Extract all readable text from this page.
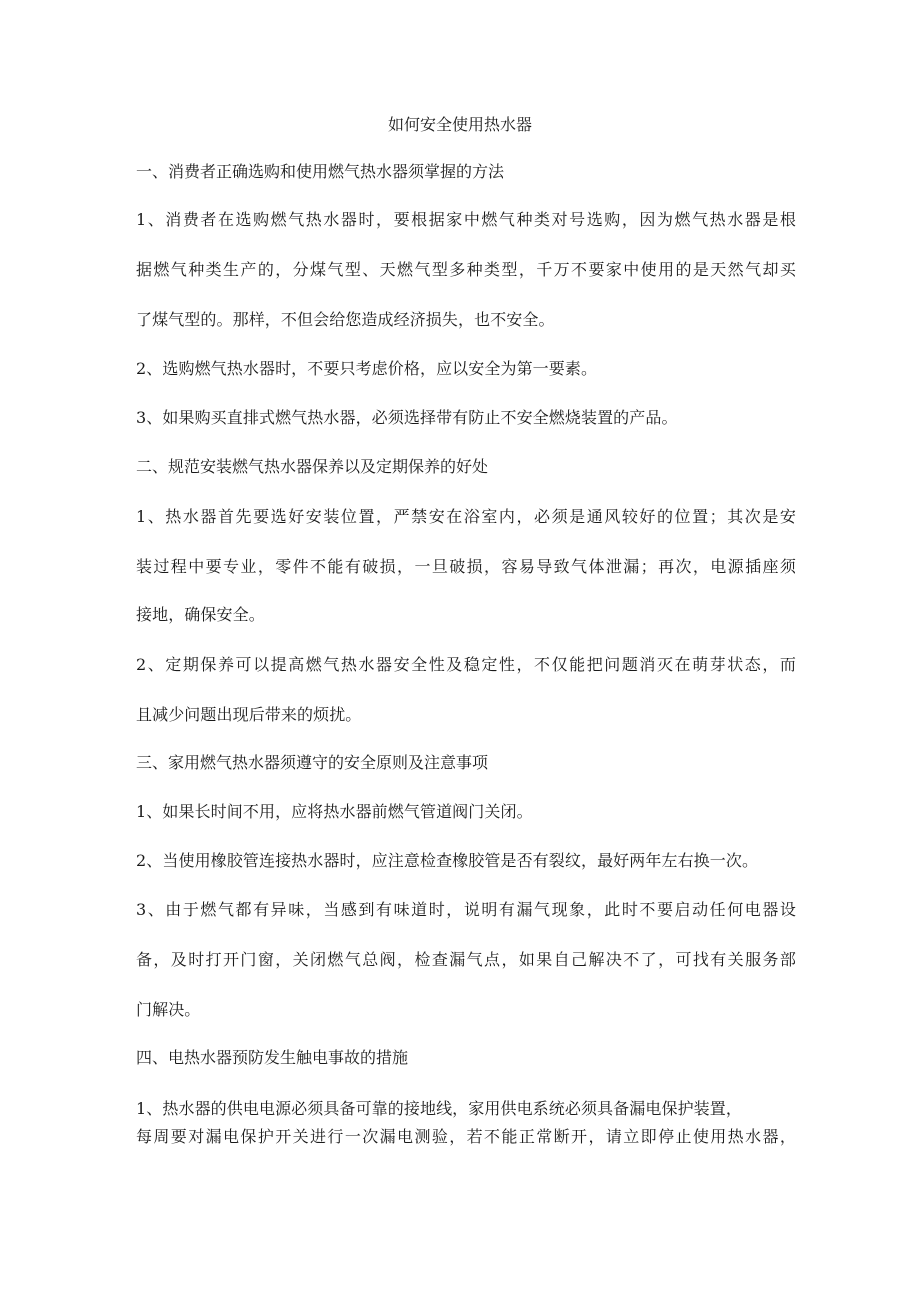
如何安全使用热水器

一、消费者正确选购和使用燃气热水器须掌握的方法

1、消费者在选购燃气热水器时，要根据家中燃气种类对号选购，因为燃气热水器是根

据燃气种类生产的，分煤气型、天燃气型多种类型，千万不要家中使用的是天然气却买

了煤气型的。那样，不但会给您造成经济损失，也不安全。

2、选购燃气热水器时，不要只考虑价格，应以安全为第一要素。

3、如果购买直排式燃气热水器，必须选择带有防止不安全燃烧装置的产品。

二、规范安装燃气热水器保养以及定期保养的好处

1、热水器首先要选好安装位置，严禁安在浴室内，必须是通风较好的位置；其次是安

装过程中要专业，零件不能有破损，一旦破损，容易导致气体泄漏；再次，电源插座须

接地，确保安全。

2、定期保养可以提高燃气热水器安全性及稳定性，不仅能把问题消灭在萌芽状态，而

且减少问题出现后带来的烦扰。

三、家用燃气热水器须遵守的安全原则及注意事项

1、如果长时间不用，应将热水器前燃气管道阀门关闭。

2、当使用橡胶管连接热水器时，应注意检查橡胶管是否有裂纹，最好两年左右换一次。

3、由于燃气都有异味，当感到有味道时，说明有漏气现象，此时不要启动任何电器设

备，及时打开门窗，关闭燃气总阀，检查漏气点，如果自己解决不了，可找有关服务部

门解决。

四、电热水器预防发生触电事故的措施

1、热水器的供电电源必须具备可靠的接地线，家用供电系统必须具备漏电保护装置，

每周要对漏电保护开关进行一次漏电测验，若不能正常断开，请立即停止使用热水器，
